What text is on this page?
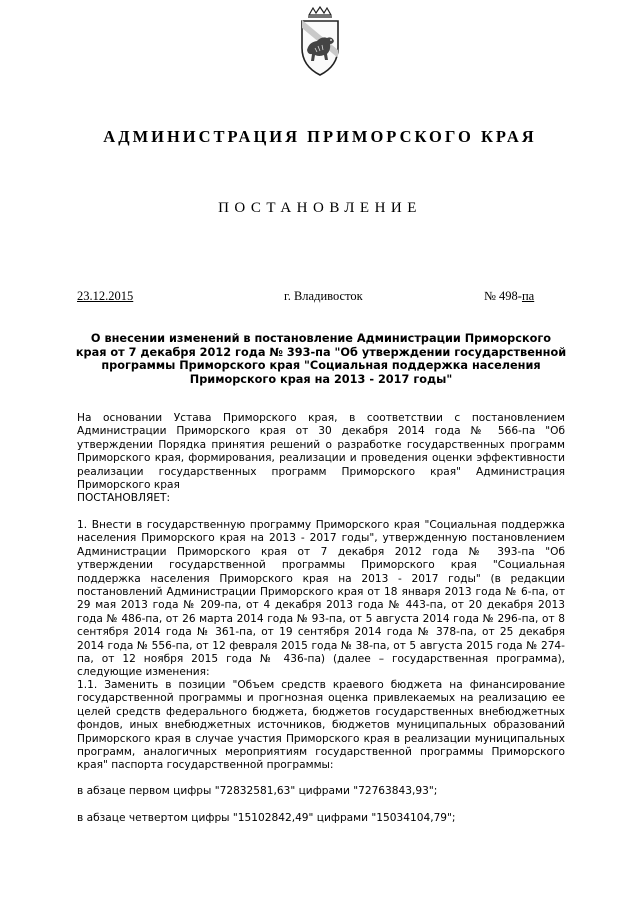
АДМИНИСТРАЦИЯ ПРИМОРСКОГО КРАЯ
ПОСТАНОВЛЕНИЕ
23.12.2015	г. Владивосток	№ 498-па
О внесении изменений в постановление Администрации Приморского края от 7 декабря 2012 года № 393-па "Об утверждении государственной программы Приморского края "Социальная поддержка населения Приморского края на 2013 - 2017 годы"

На основании Устава Приморского края, в соответствии с постановлением Администрации Приморского края от 30 декабря 2014 года № 566-па "Об утверждении Порядка принятия решений о разработке государственных программ Приморского края, формирования, реализации и проведения оценки эффективности реализации государственных программ Приморского края" Администрация Приморского края

ПОСТАНОВЛЯЕТ:

1. Внести в государственную программу Приморского края "Социальная поддержка населения Приморского края на 2013 - 2017 годы", утвержденную постановлением Администрации Приморского края от 7 декабря 2012 года № 393-па "Об утверждении государственной программы Приморского края "Социальная поддержка населения Приморского края на 2013 - 2017 годы" (в редакции постановлений Администрации Приморского края от 18 января 2013 года № 6-па, от 29 мая 2013 года № 209-па, от 4 декабря 2013 года № 443-па, от 20 декабря 2013 года № 486-па, от 26 марта 2014 года № 93-па, от 5 августа 2014 года № 296-па, от 8 сентября 2014 года № 361-па, от 19 сентября 2014 года № 378-па, от 25 декабря 2014 года № 556-па, от 12 февраля 2015 года № 38-па, от 5 августа 2015 года № 274-па, от 12 ноября 2015 года № 436-па) (далее – государственная программа), следующие изменения:

1.1. Заменить в позиции "Объем средств краевого бюджета на финансирование государственной программы и прогнозная оценка привлекаемых на реализацию ее целей средств федерального бюджета, бюджетов государственных внебюджетных фондов, иных внебюджетных источников, бюджетов муниципальных образований Приморского края в случае участия Приморского края в реализации муниципальных программ, аналогичных мероприятиям государственной программы Приморского края" паспорта государственной программы:

в абзаце первом цифры "72832581,63" цифрами "72763843,93";

в абзаце четвертом цифры "15102842,49" цифрами "15034104,79";
